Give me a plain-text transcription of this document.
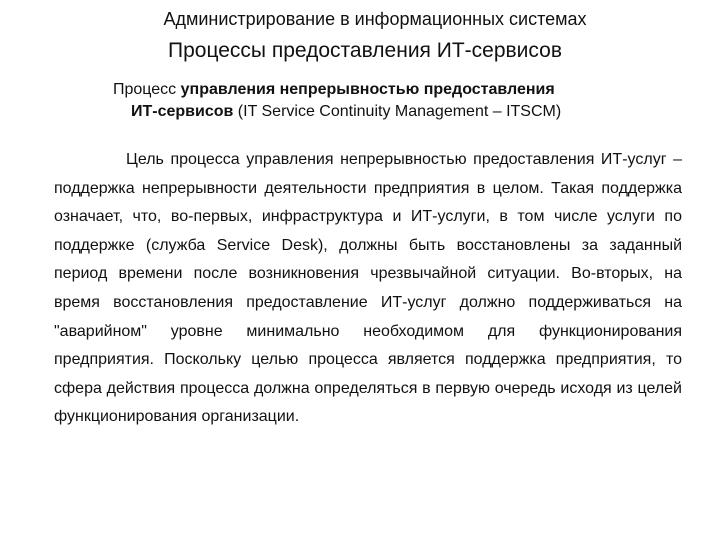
Администрирование в информационных системах
Процессы предоставления ИТ-сервисов
Процесс управления непрерывностью предоставления
ИТ-сервисов (IT Service Continuity Management – ITSCM)

Цель процесса управления непрерывностью предоставления ИТ-услуг – поддержка непрерывности деятельности предприятия в целом. Такая поддержка означает, что, во-первых, инфраструктура и ИТ-услуги, в том числе услуги по поддержке (служба Service Desk), должны быть восстановлены за заданный период времени после возникновения чрезвычайной ситуации. Во-вторых, на время восстановления предоставление ИТ-услуг должно поддерживаться на "аварийном" уровне минимально необходимом для функционирования предприятия. Поскольку целью процесса является поддержка предприятия, то сфера действия процесса должна определяться в первую очередь исходя из целей функционирования организации.
